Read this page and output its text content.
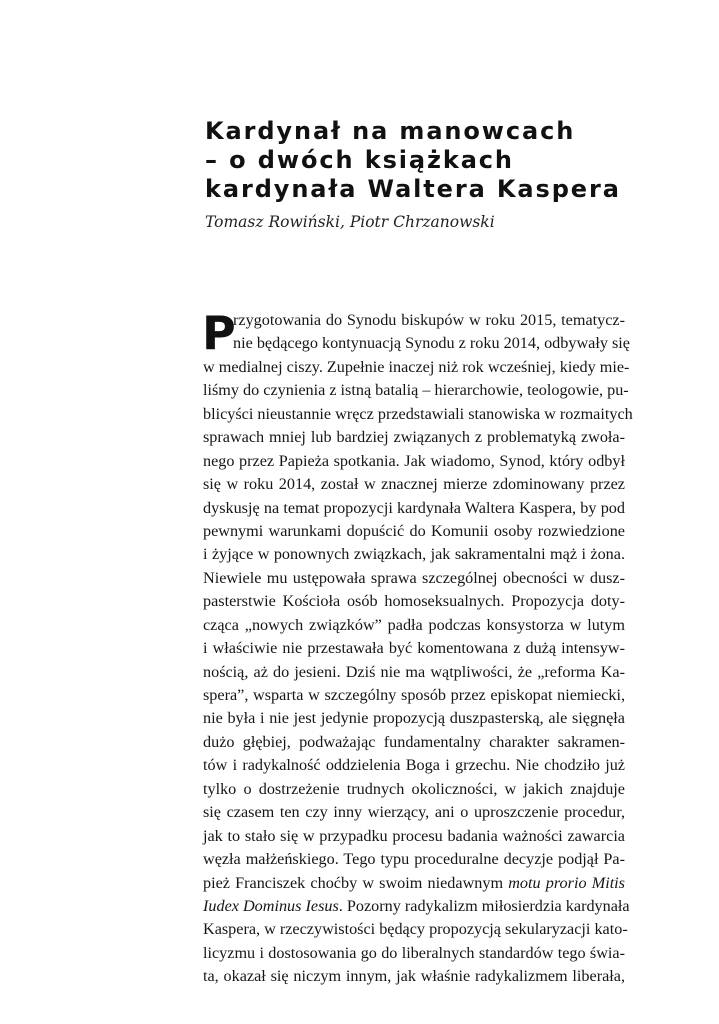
Kardynał na manowcach
– o dwóch książkach
kardynała Waltera Kaspera
Tomasz Rowiński, Piotr Chrzanowski
P
rzygotowania do Synodu biskupów w roku 2015, tematycz-
nie będącego kontynuacją Synodu z roku 2014, odbywały się
w medialnej ciszy. Zupełnie inaczej niż rok wcześniej, kiedy mie-
liśmy do czynienia z istną batalią – hierarchowie, teologowie, pu-
blicyści nieustannie wręcz przedstawiali stanowiska w rozmaitych
sprawach mniej lub bardziej związanych z problematyką zwoła-
nego przez Papieża spotkania. Jak wiadomo, Synod, który odbył
się w roku 2014, został w znacznej mierze zdominowany przez
dyskusję na temat propozycji kardynała Waltera Kaspera, by pod
pewnymi warunkami dopuścić do Komunii osoby rozwiedzione
i żyjące w ponownych związkach, jak sakramentalni mąż i żona.
Niewiele mu ustępowała sprawa szczególnej obecności w dusz-
pasterstwie Kościoła osób homoseksualnych. Propozycja doty-
cząca „nowych związków” padła podczas konsystorza w lutym
i właściwie nie przestawała być komentowana z dużą intensyw-
nością, aż do jesieni. Dziś nie ma wątpliwości, że „reforma Ka-
spera”, wsparta w szczególny sposób przez episkopat niemiecki,
nie była i nie jest jedynie propozycją duszpasterską, ale sięgnęła
dużo głębiej, podważając fundamentalny charakter sakramen-
tów i radykalność oddzielenia Boga i grzechu. Nie chodziło już
tylko o dostrzeżenie trudnych okoliczności, w jakich znajduje
się czasem ten czy inny wierzący, ani o uproszczenie procedur,
jak to stało się w przypadku procesu badania ważności zawarcia
węzła małżeńskiego. Tego typu proceduralne decyzje podjął Pa-
pież Franciszek choćby w swoim niedawnym motu prorio Mitis
Iudex Dominus Iesus. Pozorny radykalizm miłosierdzia kardynała
Kaspera, w rzeczywistości będący propozycją sekularyzacji kato-
licyzmu i dostosowania go do liberalnych standardów tego świa-
ta, okazał się niczym innym, jak właśnie radykalizmem liberała,
